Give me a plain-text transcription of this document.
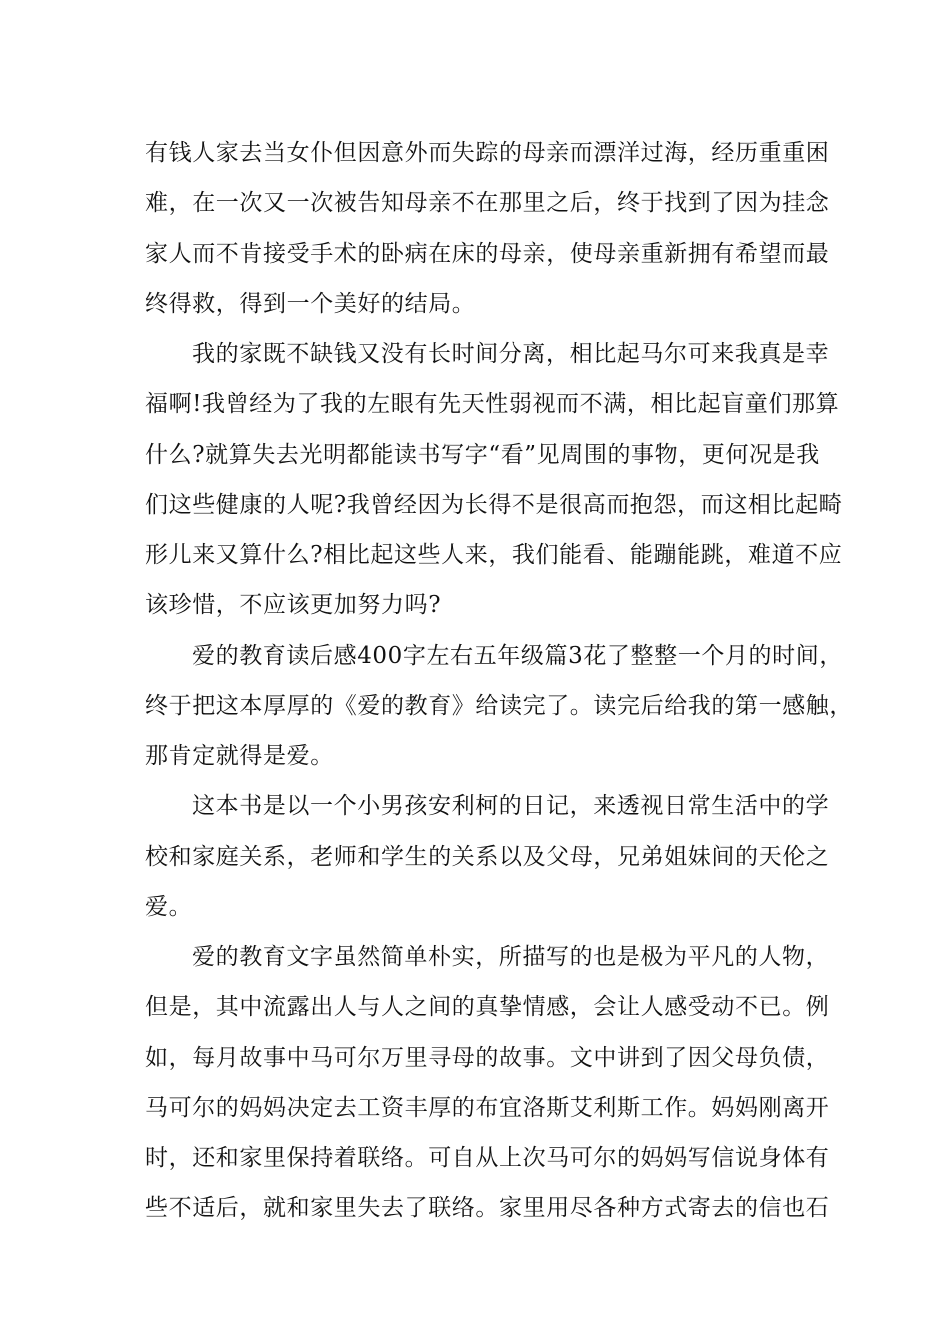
有钱人家去当女仆但因意外而失踪的母亲而漂洋过海，经历重重困
难，在一次又一次被告知母亲不在那里之后，终于找到了因为挂念
家人而不肯接受手术的卧病在床的母亲，使母亲重新拥有希望而最
终得救，得到一个美好的结局。
我的家既不缺钱又没有长时间分离，相比起马尔可来我真是幸
福啊!我曾经为了我的左眼有先天性弱视而不满，相比起盲童们那算
什么?就算失去光明都能读书写字“看”见周围的事物，更何况是我
们这些健康的人呢?我曾经因为长得不是很高而抱怨，而这相比起畸
形儿来又算什么?相比起这些人来，我们能看、能蹦能跳，难道不应
该珍惜，不应该更加努力吗?
爱的教育读后感400字左右五年级篇3花了整整一个月的时间，
终于把这本厚厚的《爱的教育》给读完了。读完后给我的第一感触，
那肯定就得是爱。
这本书是以一个小男孩安利柯的日记，来透视日常生活中的学
校和家庭关系，老师和学生的关系以及父母，兄弟姐妹间的天伦之
爱。
爱的教育文字虽然简单朴实，所描写的也是极为平凡的人物，
但是，其中流露出人与人之间的真挚情感，会让人感受动不已。例
如，每月故事中马可尔万里寻母的故事。文中讲到了因父母负债，
马可尔的妈妈决定去工资丰厚的布宜洛斯艾利斯工作。妈妈刚离开
时，还和家里保持着联络。可自从上次马可尔的妈妈写信说身体有
些不适后，就和家里失去了联络。家里用尽各种方式寄去的信也石
